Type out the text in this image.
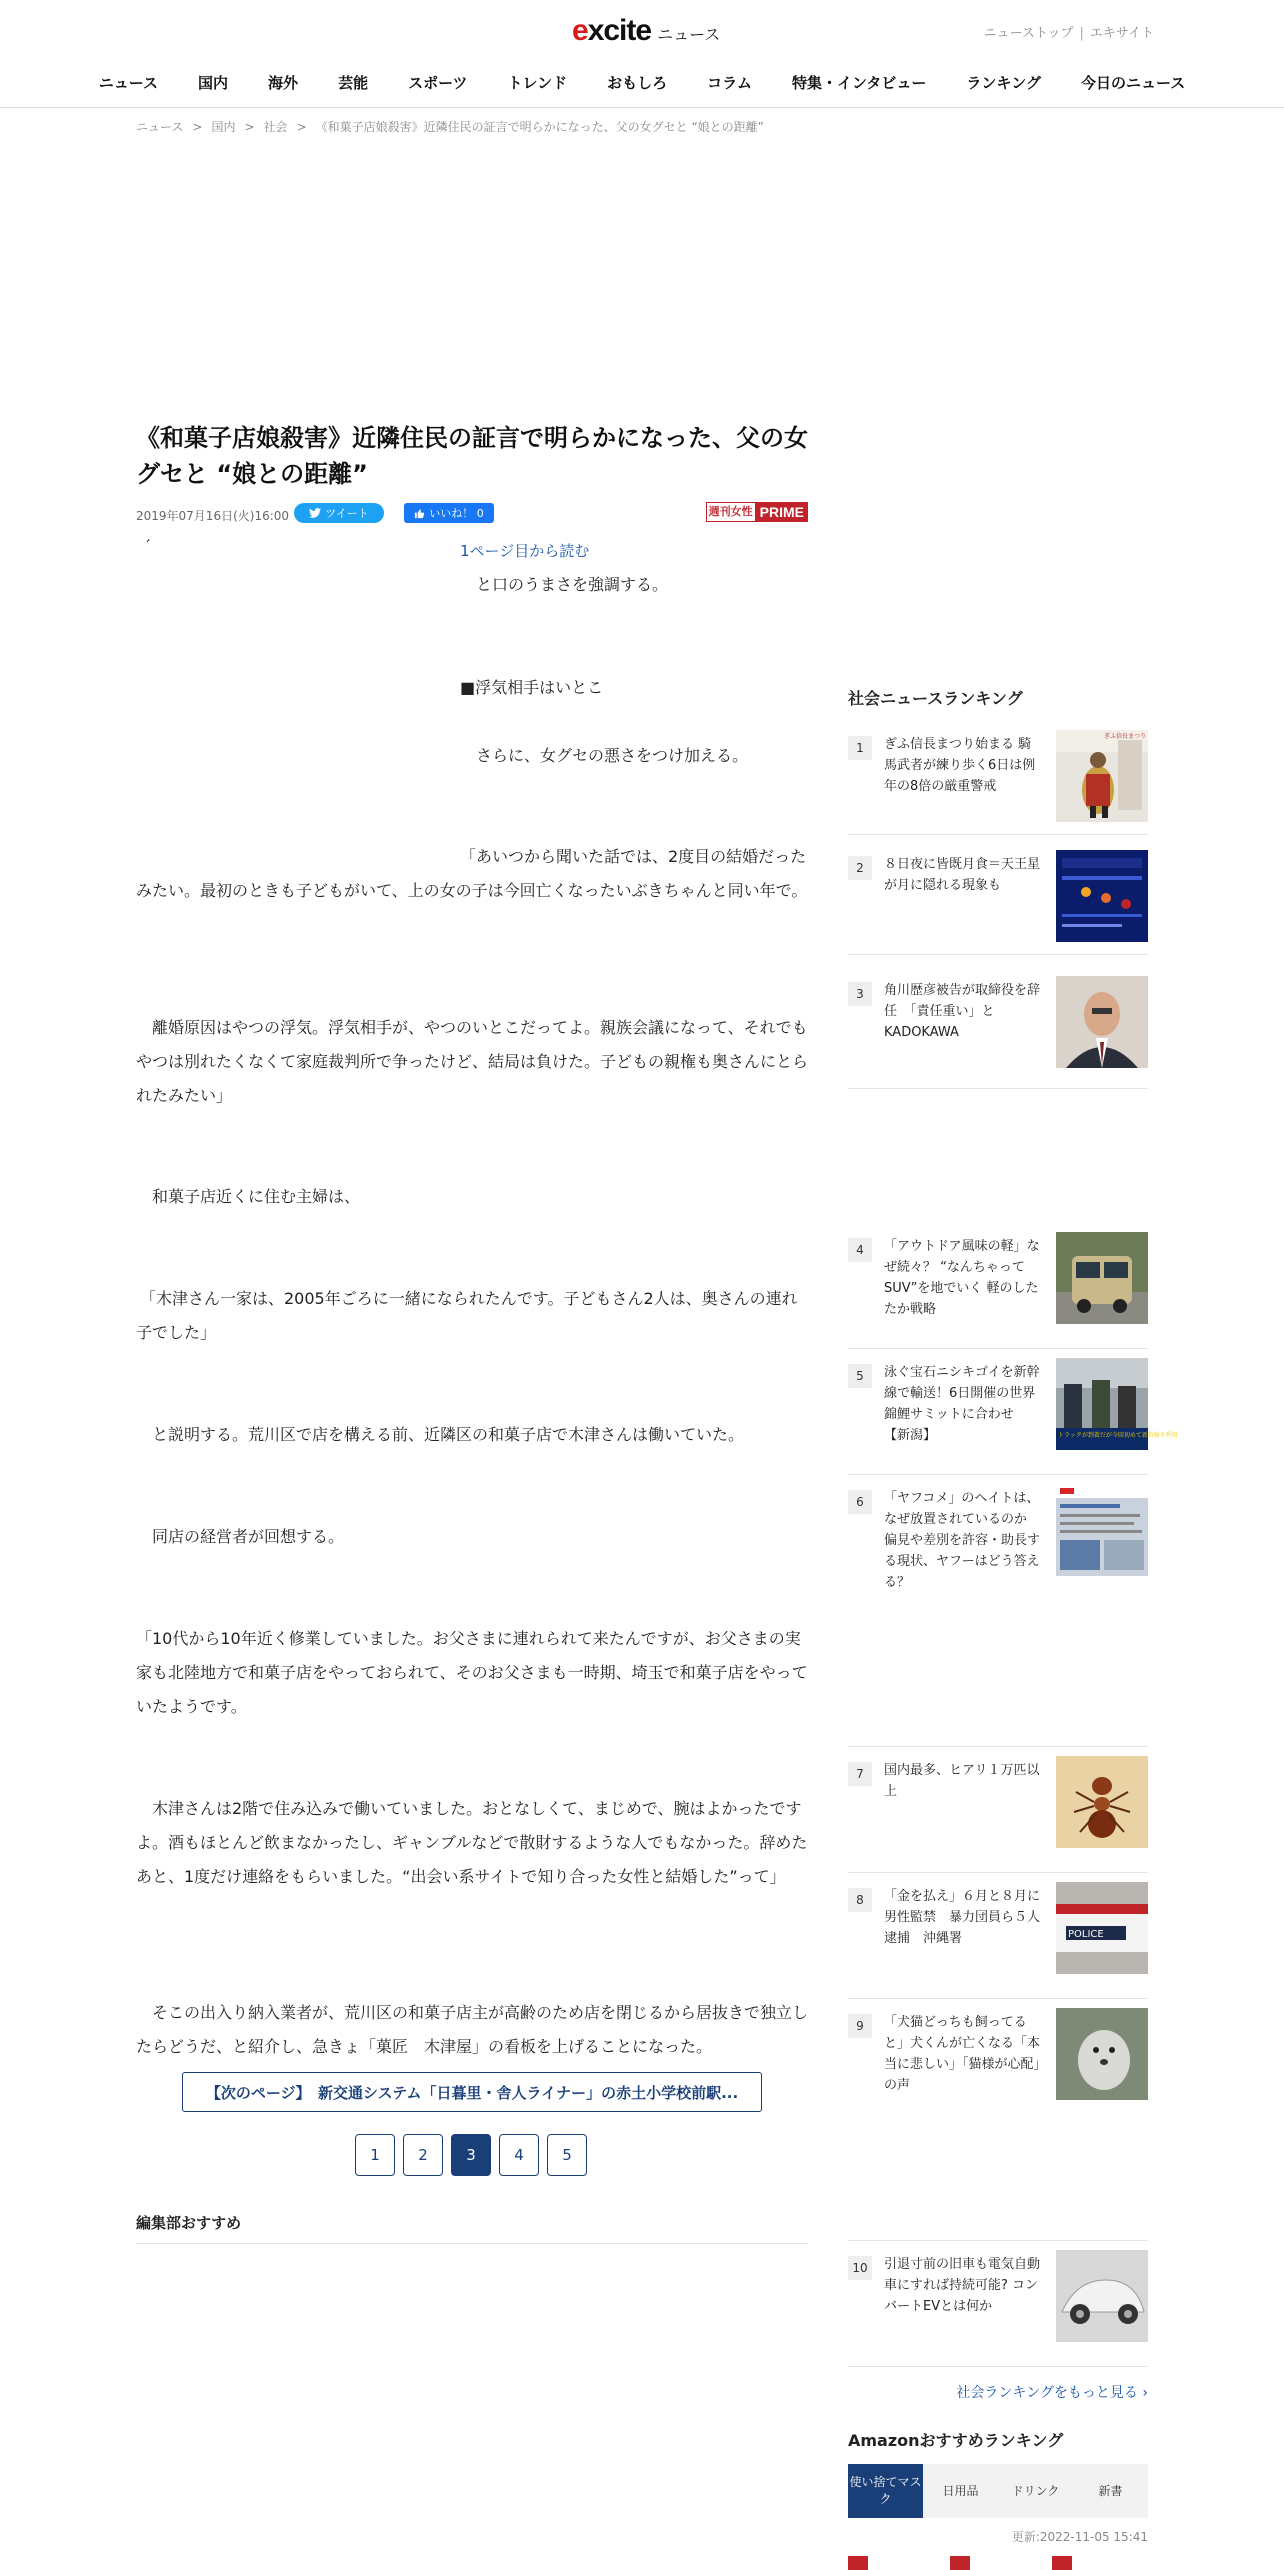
excite ニュース	ニューストップ | エキサイト
ニュース	国内	海外	芸能	スポーツ	トレンド	おもしろ	コラム	特集・インタビュー	ランキング	今日のニュース
ニュース > 国内 > 社会 > 《和菓子店娘殺害》近隣住民の証言で明らかになった、父の女グセと “娘との距離”
《和菓子店娘殺害》近隣住民の証言で明らかになった、父の女グセと “娘との距離”
2019年07月16日(火)16:00	ツイート	いいね！ 0	週刊女性 PRIME
´	1ページ目から読む

と口のうまさを強調する。

■浮気相手はいとこ

さらに、女グセの悪さをつけ加える。

「あいつから聞いた話では、2度目の結婚だったみたい。最初のときも子どもがいて、上の女の子は今回亡くなったいぶきちゃんと同い年で。

離婚原因はやつの浮気。浮気相手が、やつのいとこだってよ。親族会議になって、それでもやつは別れたくなくて家庭裁判所で争ったけど、結局は負けた。子どもの親権も奥さんにとられたみたい」

和菓子店近くに住む主婦は、

「木津さん一家は、2005年ごろに一緒になられたんです。子どもさん2人は、奥さんの連れ子でした」

と説明する。荒川区で店を構える前、近隣区の和菓子店で木津さんは働いていた。

同店の経営者が回想する。

「10代から10年近く修業していました。お父さまに連れられて来たんですが、お父さまの実家も北陸地方で和菓子店をやっておられて、そのお父さまも一時期、埼玉で和菓子店をやっていたようです。

木津さんは2階で住み込みで働いていました。おとなしくて、まじめで、腕はよかったですよ。酒もほとんど飲まなかったし、ギャンブルなどで散財するような人でもなかった。辞めたあと、1度だけ連絡をもらいました。“出会い系サイトで知り合った女性と結婚した”って」

そこの出入り納入業者が、荒川区の和菓子店主が高齢のため店を閉じるから居抜きで独立したらどうだ、と紹介し、急きょ「菓匠　木津屋」の看板を上げることになった。

【次のページ】　新交通システム「日暮里・舎人ライナー」の赤土小学校前駅...
1	2	3	4	5
編集部おすすめ
社会ニュースランキング
1	ぎふ信長まつり始まる 騎馬武者が練り歩く6日は例年の8倍の厳重警戒
ぎふ信長まつり
2	８日夜に皆既月食＝天王星が月に隠れる現象も
3	角川歴彦被告が取締役を辞任　「責任重い」とKADOKAWA
4	「アウトドア風味の軽」なぜ続々？ “なんちゃってSUV”を地でいく 軽のしたたか戦略
5	泳ぐ宝石ニシキゴイを新幹線で輸送！6日開催の世界錦鯉サミットに合わせ　【新潟】	トラックが到着だが今回初めて新幹線を利用
6	「ヤフコメ」のヘイトは、なぜ放置されているのか　偏見や差別を許容・助長する現状、ヤフーはどう答える？
7	国内最多、ヒアリ１万匹以上
8	「金を払え」６月と８月に男性監禁　暴力団員ら５人逮捕　沖縄署	POLICE
9	「犬猫どっちも飼ってると」犬くんが亡くなる「本当に悲しい」「猫様が心配」の声
10	引退寸前の旧車も電気自動車にすれば持続可能? コンバートEVとは何か
社会ランキングをもっと見る ›
Amazonおすすめランキング
使い捨てマスク
日用品	ドリンク	新書
更新:2022-11-05 15:41
